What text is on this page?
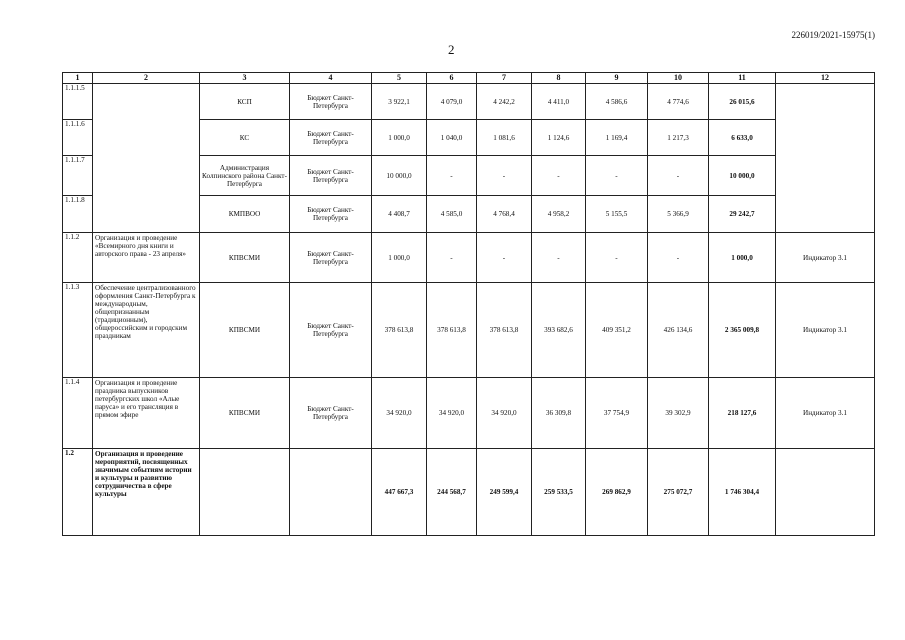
226019/2021-15975(1)
2
1	2	3	4	5	6	7	8	9	10	11	12
1.1.1.5		КСП	Бюджет Санкт-Петербурга	3 922,1	4 079,0	4 242,2	4 411,0	4 586,6	4 774,6	26 015,6	
1.1.1.6		КС	Бюджет Санкт-Петербурга	1 000,0	1 040,0	1 081,6	1 124,6	1 169,4	1 217,3	6 633,0	
1.1.1.7		Администрация Колпинского района Санкт-Петербурга	Бюджет Санкт-Петербурга	10 000,0	-	-	-	-	-	10 000,0	
1.1.1.8		КМПВОО	Бюджет Санкт-Петербурга	4 408,7	4 585,0	4 768,4	4 958,2	5 155,5	5 366,9	29 242,7	
1.1.2	Организация и проведение «Всемирного дня книги и авторского права - 23 апреля»	КПВСМИ	Бюджет Санкт-Петербурга	1 000,0	-	-	-	-	-	1 000,0	Индикатор 3.1
1.1.3	Обеспечение централизованного оформления Санкт-Петербурга к международным, общепризнанным (традиционным), общероссийским и городским праздникам	КПВСМИ	Бюджет Санкт-Петербурга	378 613,8	378 613,8	378 613,8	393 682,6	409 351,2	426 134,6	2 365 009,8	Индикатор 3.1
1.1.4	Организация и проведение праздника выпускников петербургских школ «Алые паруса» и его трансляция в прямом эфире	КПВСМИ	Бюджет Санкт-Петербурга	34 920,0	34 920,0	34 920,0	36 309,8	37 754,9	39 302,9	218 127,6	Индикатор 3.1
1.2	Организация и проведение мероприятий, посвященных значимым событиям истории и культуры и развитию сотрудничества в сфере культуры			447 667,3	244 568,7	249 599,4	259 533,5	269 862,9	275 072,7	1 746 304,4	
